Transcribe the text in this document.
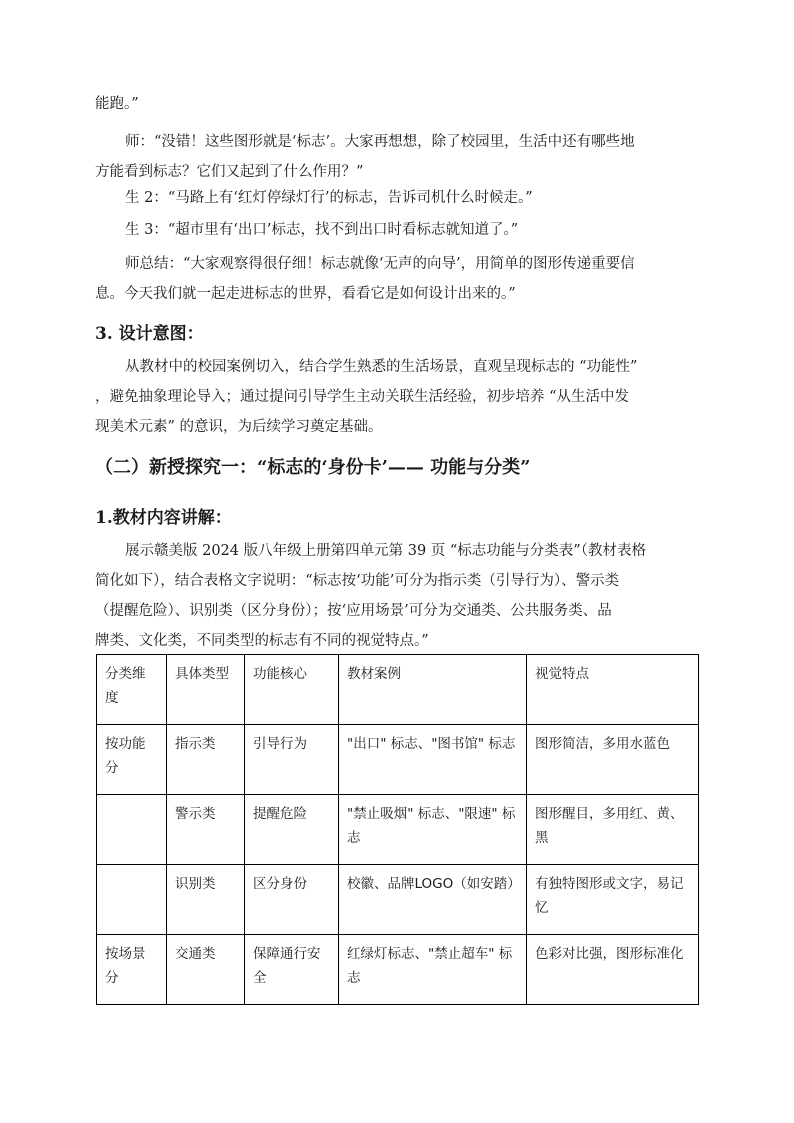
能跑。”

师：“没错！这些图形就是‘标志’。大家再想想，除了校园里，生活中还有哪些地
方能看到标志？它们又起到了什么作用？”

生 2：“马路上有‘红灯停绿灯行’的标志，告诉司机什么时候走。”

生 3：“超市里有‘出口’标志，找不到出口时看标志就知道了。”

师总结：“大家观察得很仔细！标志就像‘无声的向导’，用简单的图形传递重要信
息。今天我们就一起走进标志的世界，看看它是如何设计出来的。”

3. 设计意图：

从教材中的校园案例切入，结合学生熟悉的生活场景，直观呈现标志的 “功能性”
，避免抽象理论导入；通过提问引导学生主动关联生活经验，初步培养 “从生活中发
现美术元素” 的意识，为后续学习奠定基础。

（二）新授探究一：“标志的‘身份卡’—— 功能与分类”
1.教材内容讲解：

展示赣美版 2024 版八年级上册第四单元第 39 页 “标志功能与分类表”（教材表格
简化如下），结合表格文字说明：“标志按‘功能’可分为指示类（引导行为）、警示类
（提醒危险）、识别类（区分身份）；按‘应用场景’可分为交通类、公共服务类、品
牌类、文化类，不同类型的标志有不同的视觉特点。”

分类维度	具体类型	功能核心	教材案例	视觉特点
按功能分	指示类	引导行为	"出口" 标志、"图书馆" 标志	图形简洁，多用水蓝色
	警示类	提醒危险	"禁止吸烟" 标志、"限速" 标志	图形醒目，多用红、黄、黑
	识别类	区分身份	校徽、品牌LOGO（如安踏）	有独特图形或文字，易记忆
按场景分	交通类	保障通行安全	红绿灯标志、"禁止超车" 标志	色彩对比强，图形标准化
